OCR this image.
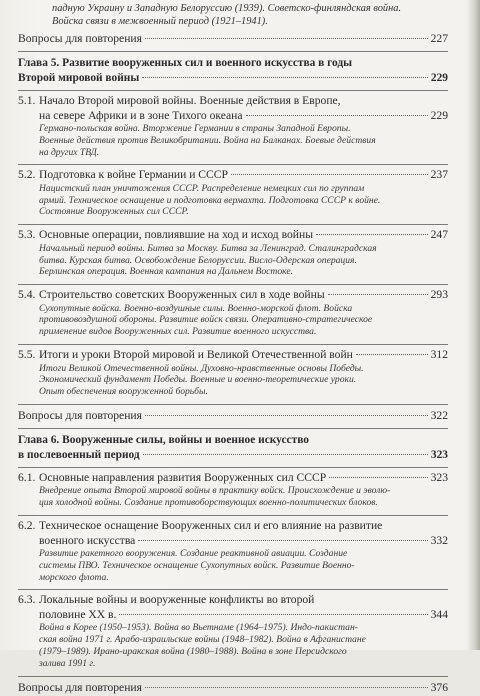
падную Украину и Западную Белоруссию (1939). Советско-финляндская война.
Войска связи в межвоенный период (1921–1941).
Вопросы для повторения	227
Глава 5. Развитие вооруженных сил и военного искусства в годы
Второй мировой войны	229
5.1. Начало Второй мировой войны. Военные действия в Европе,
на севере Африки и в зоне Тихого океана	229
Германо-польская война. Вторжение Германии в страны Западной Европы.
Военные действия против Великобритании. Война на Балканах. Боевые действия
на других ТВД.
5.2. Подготовка к войне Германии и СССР	237
Нацистский план уничтожения СССР. Распределение немецких сил по группам
армий. Техническое оснащение и подготовка вермахта. Подготовка СССР к войне.
Состояние Вооруженных сил СССР.
5.3. Основные операции, повлиявшие на ход и исход войны	247
Начальный период войны. Битва за Москву. Битва за Ленинград. Сталинградская
битва. Курская битва. Освобождение Белоруссии. Висло-Одерская операция.
Берлинская операция. Военная кампания на Дальнем Востоке.
5.4. Строительство советских Вооруженных сил в ходе войны	293
Сухопутные войска. Военно-воздушные силы. Военно-морской флот. Войска
противовоздушной обороны. Развитие войск связи. Оперативно-стратегическое
применение видов Вооруженных сил. Развитие военного искусства.
5.5. Итоги и уроки Второй мировой и Великой Отечественной войн	312
Итоги Великой Отечественной войны. Духовно-нравственные основы Победы.
Экономический фундамент Победы. Военные и военно-теоретические уроки.
Опыт обеспечения вооруженной борьбы.
Вопросы для повторения	322
Глава 6. Вооруженные силы, войны и военное искусство
в послевоенный период	323
6.1. Основные направления развития Вооруженных сил СССР	323
Внедрение опыта Второй мировой войны в практику войск. Происхождение и эволю-
ция холодной войны. Создание противоборствующих военно-политических блоков.
6.2. Техническое оснащение Вооруженных сил и его влияние на развитие
военного искусства	332
Развитие ракетного вооружения. Создание реактивной авиации. Создание
системы ПВО. Техническое оснащение Сухопутных войск. Развитие Военно-
морского флота.
6.3. Локальные войны и вооруженные конфликты во второй
половине XX в.	344
Война в Корее (1950–1953). Война во Вьетнаме (1964–1975). Индо-пакистан-
ская война 1971 г. Арабо-израильские войны (1948–1982). Война в Афганистане
(1979–1989). Ирано-иракская война (1980–1988). Война в зоне Персидского
залива 1991 г.
Вопросы для повторения	376
